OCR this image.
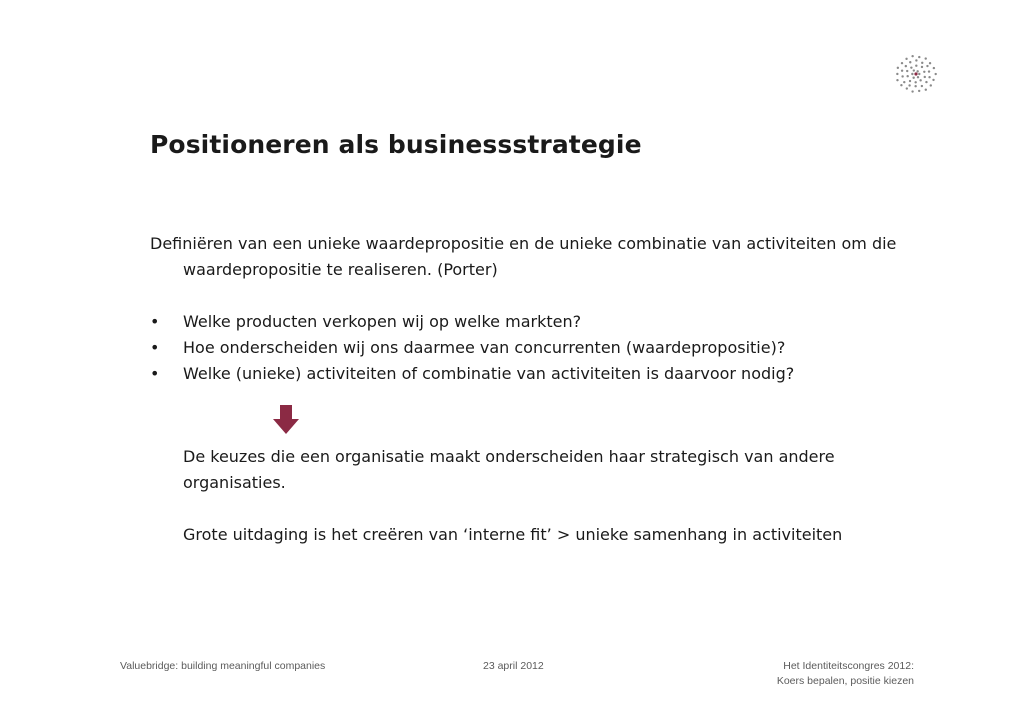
Positioneren als businessstrategie

Definiëren van een unieke waardepropositie en de unieke combinatie van activiteiten om die waardepropositie te realiseren. (Porter)

• Welke producten verkopen wij op welke markten?
• Hoe onderscheiden wij ons daarmee van concurrenten (waardepropositie)?
• Welke (unieke) activiteiten of combinatie van activiteiten is daarvoor nodig?

De keuzes die een organisatie maakt onderscheiden haar strategisch van andere organisaties.

Grote uitdaging is het creëren van ‘interne fit’ > unieke samenhang in activiteiten

Valuebridge: building meaningful companies	23 april 2012	Het Identiteitscongres 2012:
Koers bepalen, positie kiezen
